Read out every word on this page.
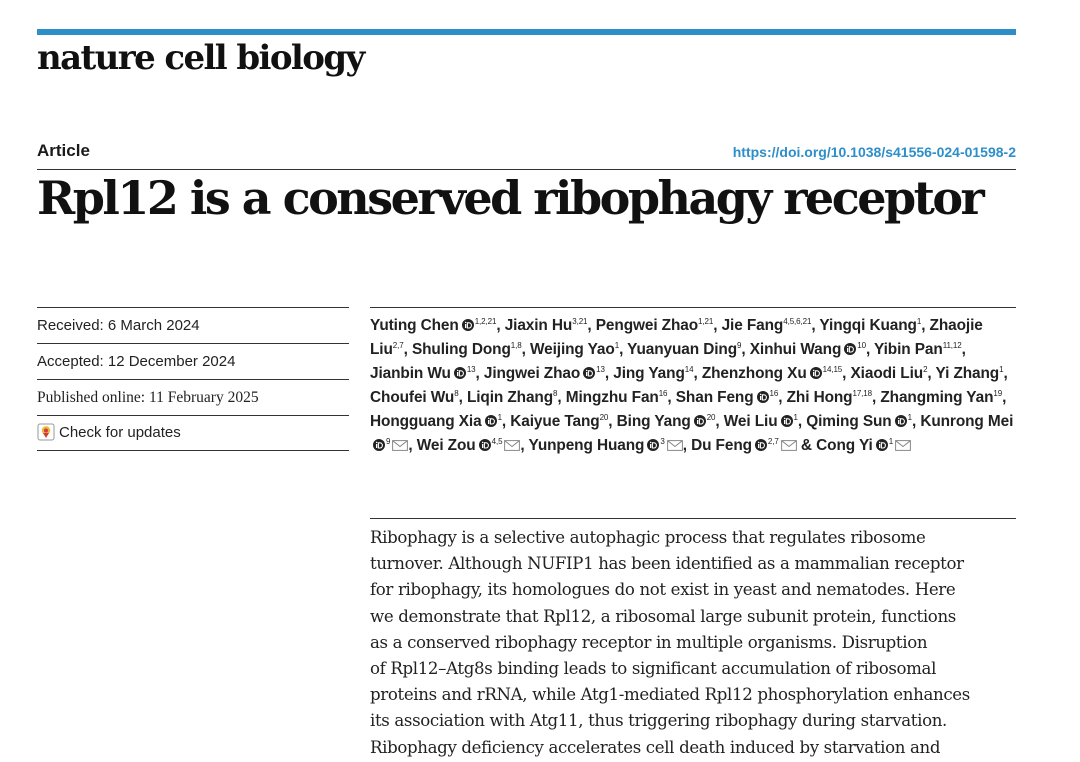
nature cell biology
Article	https://doi.org/10.1038/s41556-024-01598-2
Rpl12 is a conserved ribophagy receptor
Received: 6 March 2024
Accepted: 12 December 2024
Published online: 11 February 2025
Check for updates
Yuting Chen $^{1,2,21}$, Jiaxin Hu$^{3,21}$, Pengwei Zhao$^{1,21}$, Jie Fang$^{4,5,6,21}$, Yingqi Kuang$^1$, Zhaojie Liu$^{2,7}$, Shuling Dong$^{1,8}$, Weijing Yao$^1$, Yuanyuan Ding$^9$, Xinhui Wang $^{10}$, Yibin Pan$^{11,12}$, Jianbin Wu $^{13}$, Jingwei Zhao $^{13}$, Jing Yang$^{14}$, Zhenzhong Xu $^{14,15}$, Xiaodi Liu$^2$, Yi Zhang$^1$, Choufei Wu$^8$, Liqin Zhang$^8$, Mingzhu Fan$^{16}$, Shan Feng $^{16}$, Zhi Hong$^{17,18}$, Zhangming Yan$^{19}$, Hongguang Xia $^1$, Kaiyue Tang$^{20}$, Bing Yang $^{20}$, Wei Liu $^1$, Qiming Sun $^1$, Kunrong Mei$^9$ , Wei Zou $^{4,5}$ , Yunpeng Huang $^3$ , Du Feng $^{2,7}$ & Cong Yi $^1$
Ribophagy is a selective autophagic process that regulates ribosome
turnover. Although NUFIP1 has been identified as a mammalian receptor
for ribophagy, its homologues do not exist in yeast and nematodes. Here
we demonstrate that Rpl12, a ribosomal large subunit protein, functions
as a conserved ribophagy receptor in multiple organisms. Disruption
of Rpl12–Atg8s binding leads to significant accumulation of ribosomal
proteins and rRNA, while Atg1-mediated Rpl12 phosphorylation enhances
its association with Atg11, thus triggering ribophagy during starvation.
Ribophagy deficiency accelerates cell death induced by starvation and
